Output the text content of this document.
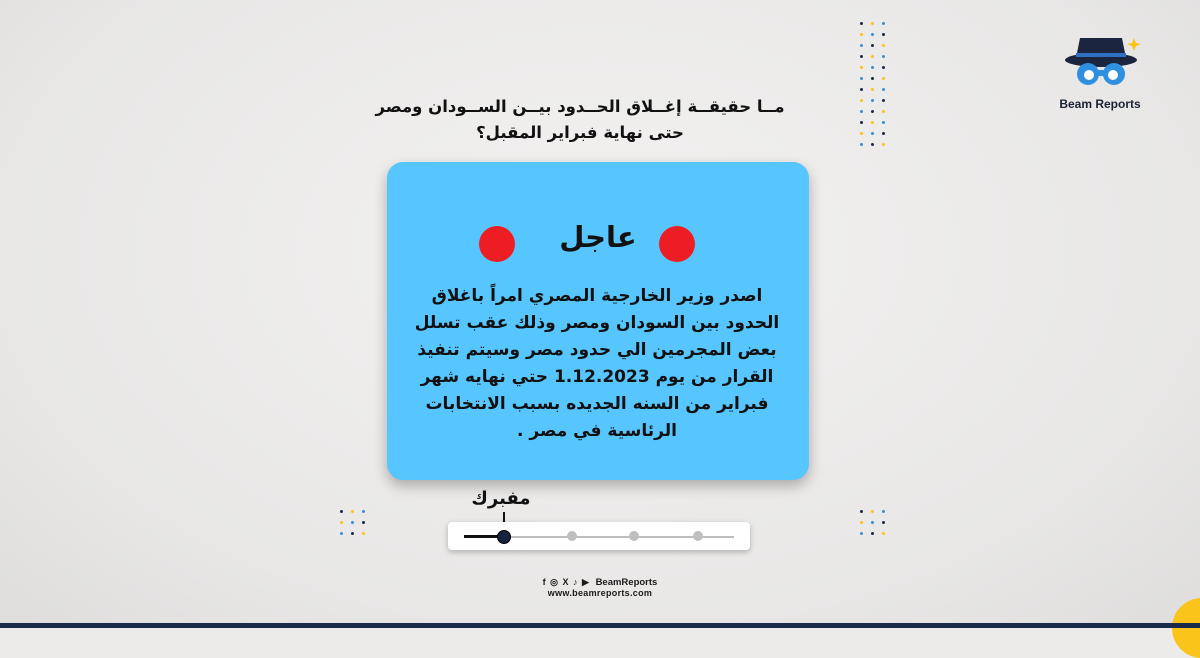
مــا حقيقــة إغــلاق الحــدود بيــن الســودان ومصر
حتى نهاية فبراير المقبل؟
Beam Reports
عاجل
اصدر وزير الخارجية المصري امراً باغلاق الحدود بين السودان ومصر وذلك عقب تسلل بعض المجرمين الي حدود مصر وسيتم تنفيذ القرار من يوم 1.12.2023 حتي نهايه شهر فبراير من السنه الجديده بسبب الانتخابات الرئاسية في مصر .
مفبرك
f ◎ X ♪ ▶ BeamReports
www.beamreports.com
